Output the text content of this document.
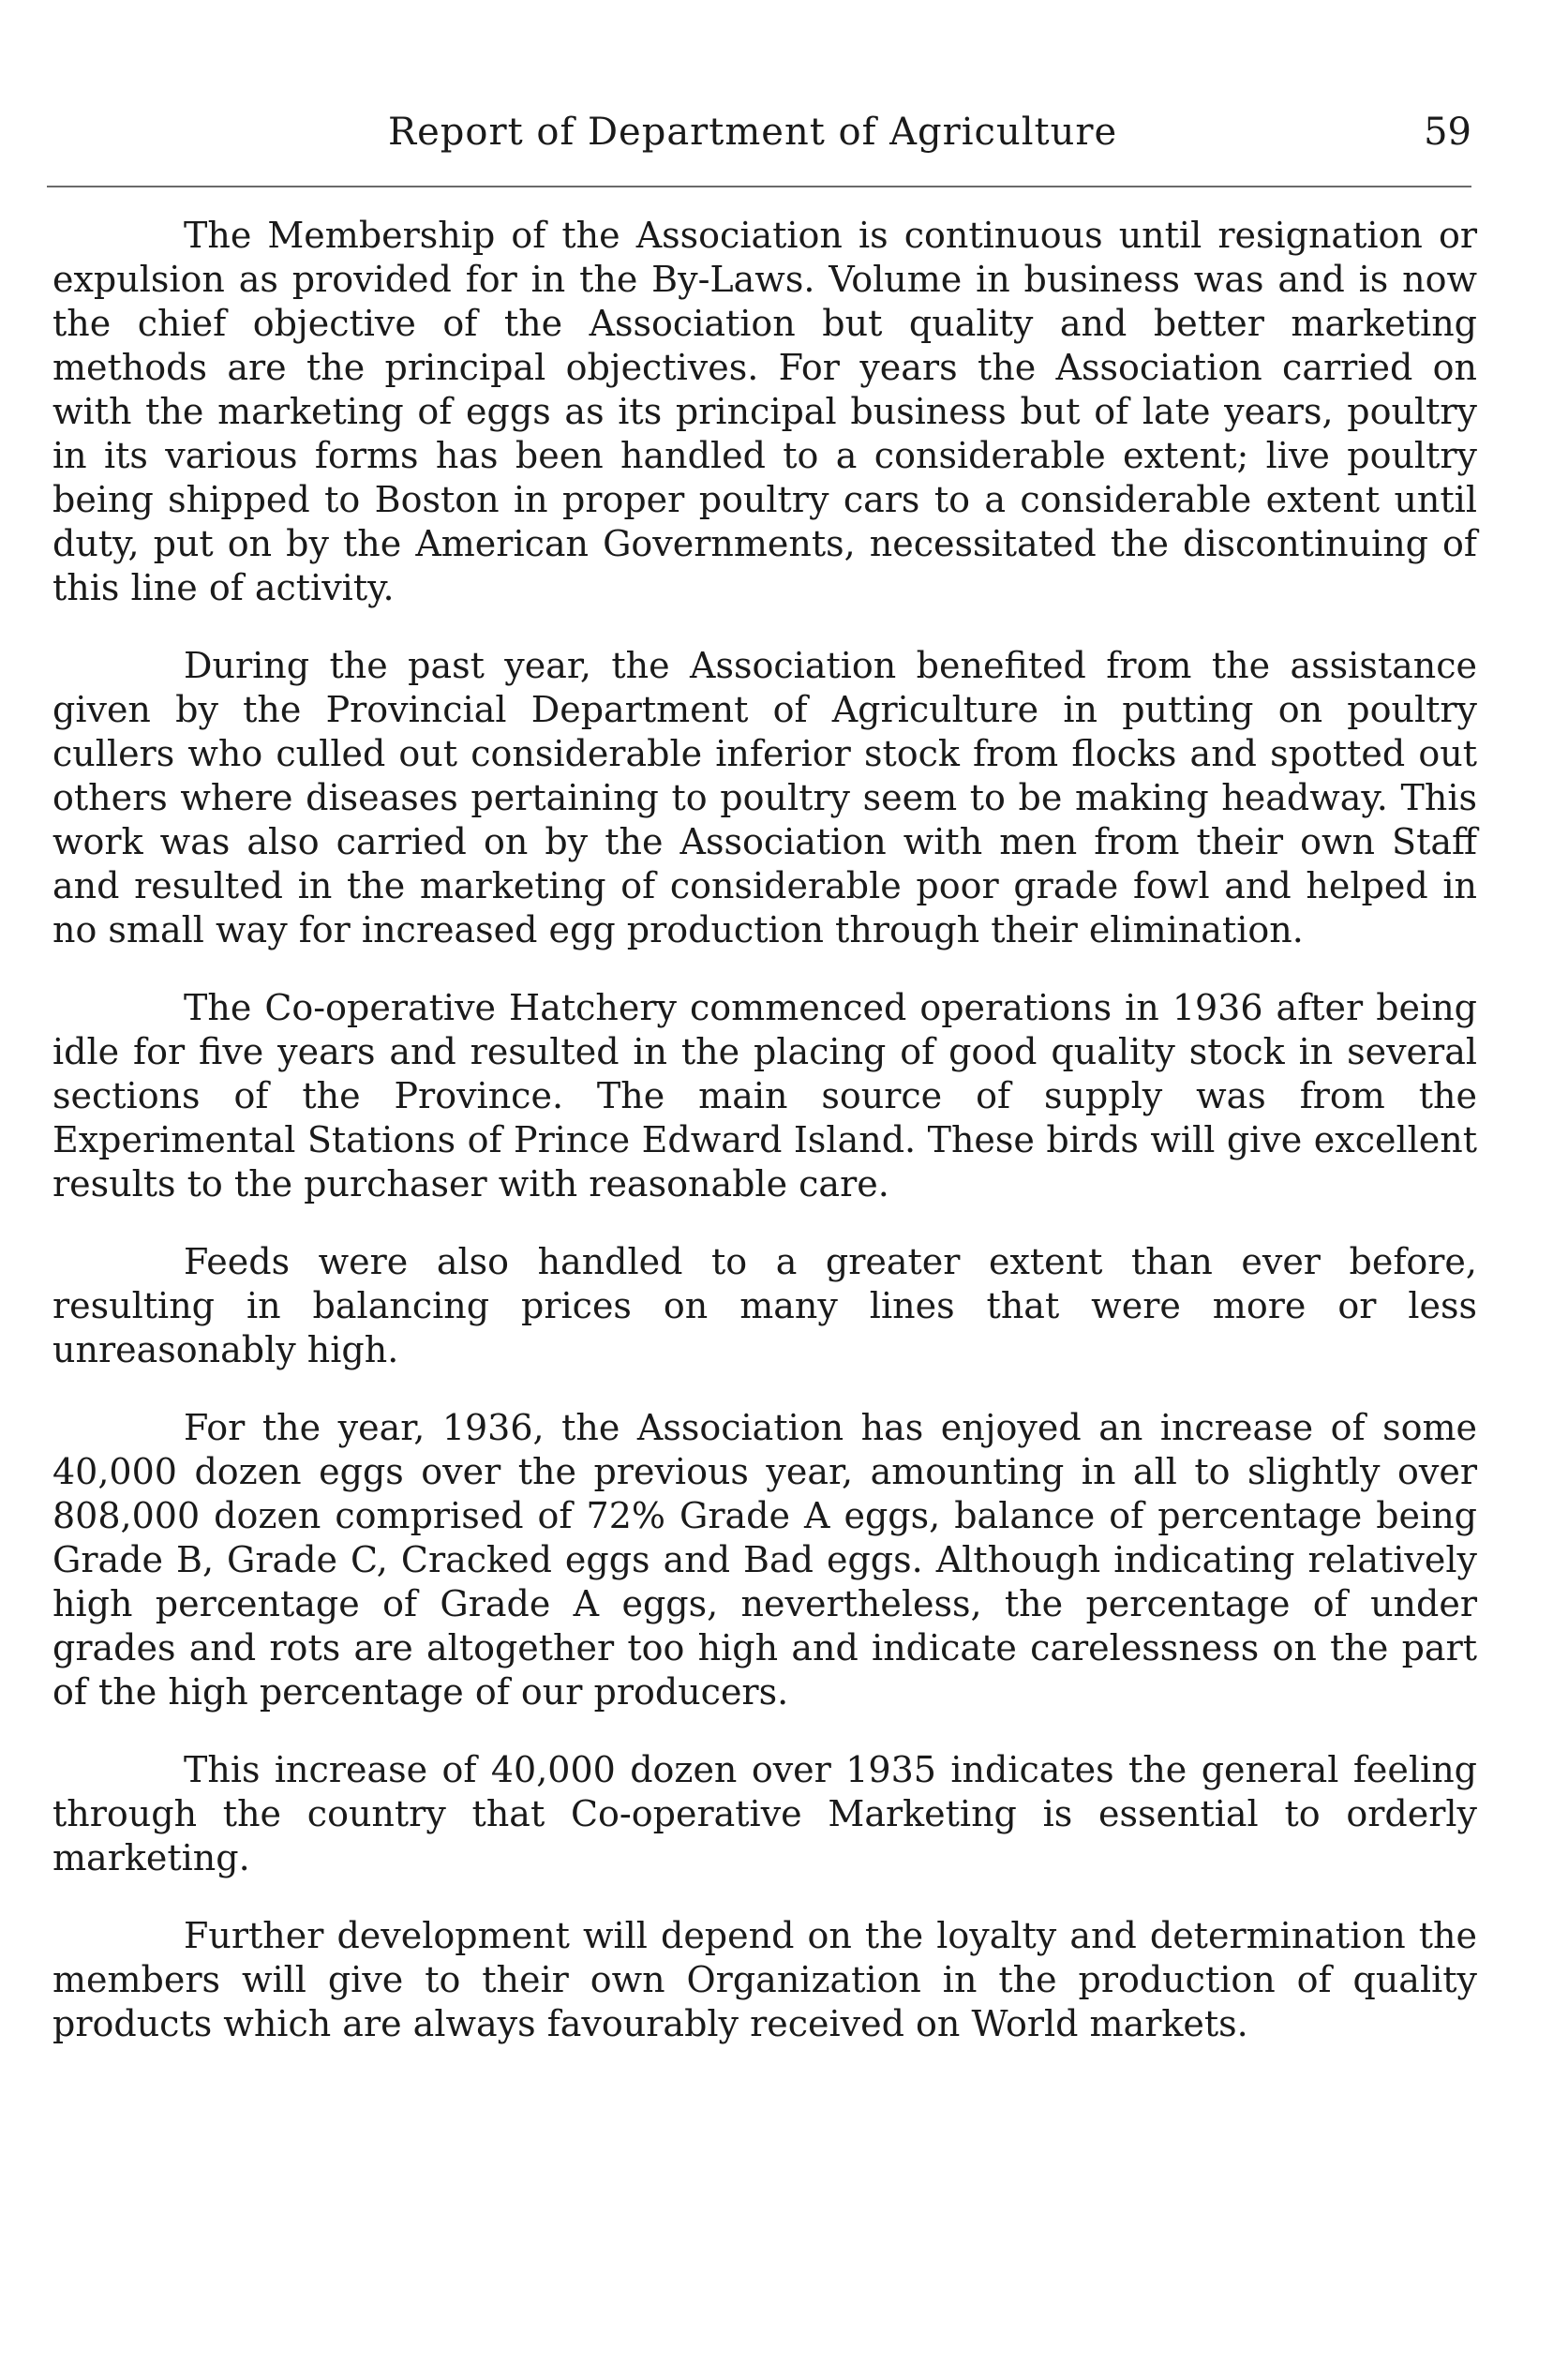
Report of Department of Agriculture	59

The Membership of the Association is continuous until resignation or expulsion as provided for in the By-Laws. Volume in business was and is now the chief objective of the Association but quality and better marketing methods are the principal objectives. For years the Association carried on with the marketing of eggs as its principal business but of late years, poultry in its various forms has been handled to a considerable extent; live poultry being shipped to Boston in proper poultry cars to a considerable extent until duty, put on by the American Governments, necessitated the discontinuing of this line of activity.

During the past year, the Association benefited from the assistance given by the Provincial Department of Agriculture in putting on poultry cullers who culled out considerable inferior stock from flocks and spotted out others where diseases pertaining to poultry seem to be making headway. This work was also carried on by the Association with men from their own Staff and resulted in the marketing of considerable poor grade fowl and helped in no small way for increased egg production through their elimination.

The Co-operative Hatchery commenced operations in 1936 after being idle for five years and resulted in the placing of good quality stock in several sections of the Province. The main source of supply was from the Experimental Stations of Prince Edward Island. These birds will give excellent results to the purchaser with reasonable care.

Feeds were also handled to a greater extent than ever before, resulting in balancing prices on many lines that were more or less unreasonably high.

For the year, 1936, the Association has enjoyed an increase of some 40,000 dozen eggs over the previous year, amounting in all to slightly over 808,000 dozen comprised of 72% Grade A eggs, balance of percentage being Grade B, Grade C, Cracked eggs and Bad eggs. Although indicating relatively high percentage of Grade A eggs, nevertheless, the percentage of under grades and rots are altogether too high and indicate carelessness on the part of the high percentage of our producers.

This increase of 40,000 dozen over 1935 indicates the general feeling through the country that Co-operative Marketing is essential to orderly marketing.

Further development will depend on the loyalty and determination the members will give to their own Organization in the production of quality products which are always favourably received on World markets.
